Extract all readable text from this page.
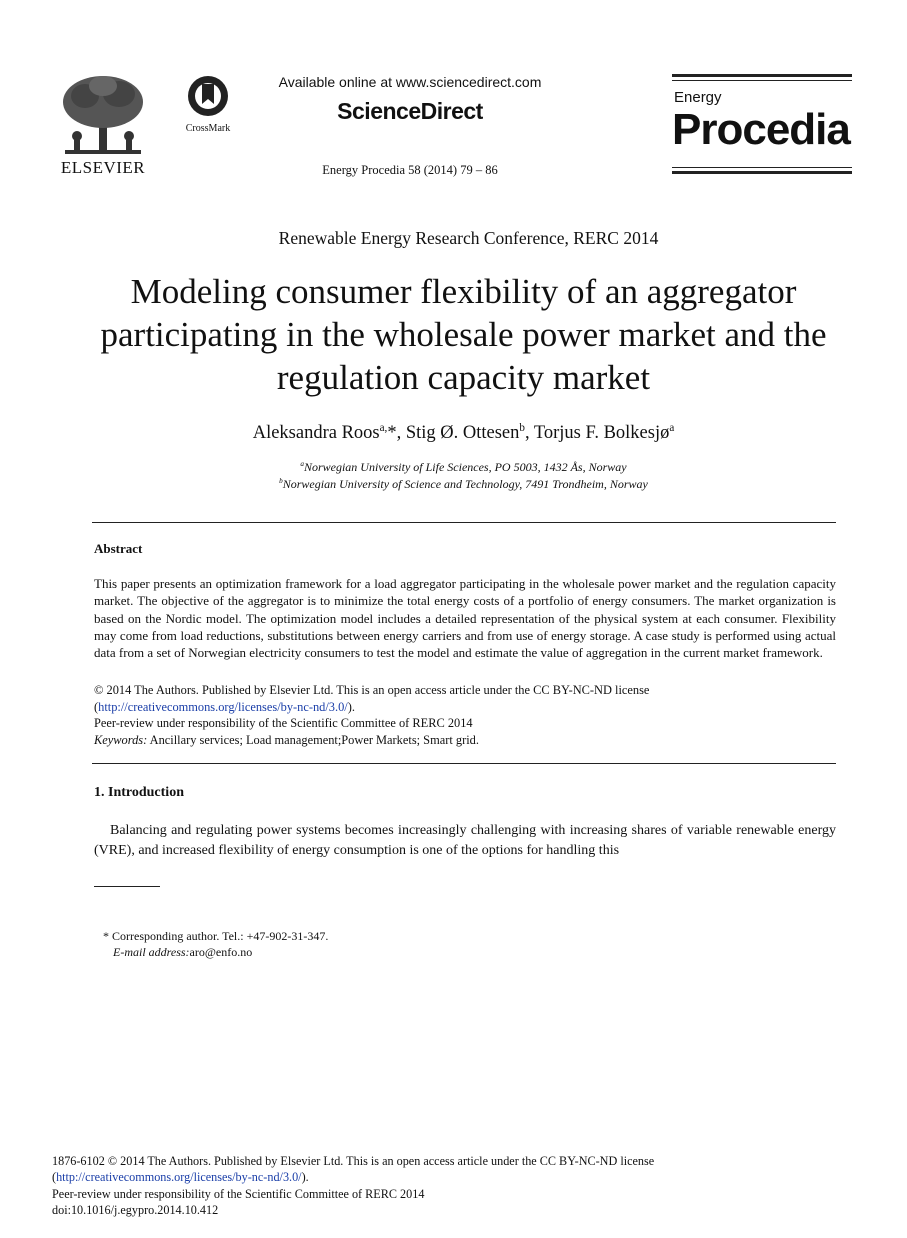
ELSEVIER
CrossMark
Available online at www.sciencedirect.com
ScienceDirect
Energy Procedia 58 (2014) 79 – 86
Energy
Procedia
Renewable Energy Research Conference, RERC 2014
Modeling consumer flexibility of an aggregator participating in the wholesale power market and the regulation capacity market
Aleksandra Roos$^{a,}$*, Stig Ø. Ottesen$^b$, Torjus F. Bolkesjø$^a$
$^a$Norwegian University of Life Sciences, PO 5003, 1432 Ås, Norway
$^b$Norwegian University of Science and Technology, 7491 Trondheim, Norway
Abstract
This paper presents an optimization framework for a load aggregator participating in the wholesale power market and the regulation capacity market. The objective of the aggregator is to minimize the total energy costs of a portfolio of energy consumers. The market organization is based on the Nordic model. The optimization model includes a detailed representation of the physical system at each consumer. Flexibility may come from load reductions, substitutions between energy carriers and from use of energy storage. A case study is performed using actual data from a set of Norwegian electricity consumers to test the model and estimate the value of aggregation in the current market framework.
© 2014 The Authors. Published by Elsevier Ltd. This is an open access article under the CC BY-NC-ND license
(http://creativecommons.org/licenses/by-nc-nd/3.0/).
Peer-review under responsibility of the Scientific Committee of RERC 2014
Keywords: Ancillary services; Load management;Power Markets; Smart grid.
1. Introduction
Balancing and regulating power systems becomes increasingly challenging with increasing shares of variable renewable energy (VRE), and increased flexibility of energy consumption is one of the options for handling this
* Corresponding author. Tel.: +47-902-31-347.
E-mail address:aro@enfo.no
1876-6102 © 2014 The Authors. Published by Elsevier Ltd. This is an open access article under the CC BY-NC-ND license
(http://creativecommons.org/licenses/by-nc-nd/3.0/).
Peer-review under responsibility of the Scientific Committee of RERC 2014
doi:10.1016/j.egypro.2014.10.412
